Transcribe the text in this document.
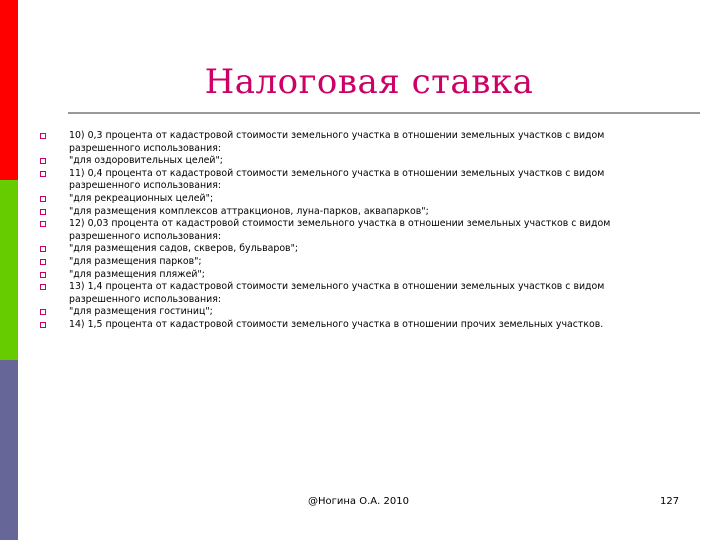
Налоговая ставка
10) 0,3 процента от кадастровой стоимости земельного участка в отношении земельных участков с видом разрешенного использования:
"для оздоровительных целей";
11) 0,4 процента от кадастровой стоимости земельного участка в отношении земельных участков с видом разрешенного использования:
"для рекреационных целей";
"для размещения комплексов аттракционов, луна-парков, аквапарков";
12) 0,03 процента от кадастровой стоимости земельного участка в отношении земельных участков с видом разрешенного использования:
"для размещения садов, скверов, бульваров";
"для размещения парков";
"для размещения пляжей";
13) 1,4 процента от кадастровой стоимости земельного участка в отношении земельных участков с видом разрешенного использования:
"для размещения гостиниц";
14) 1,5 процента от кадастровой стоимости земельного участка в отношении прочих земельных участков.
@Ногина О.А. 2010	127
